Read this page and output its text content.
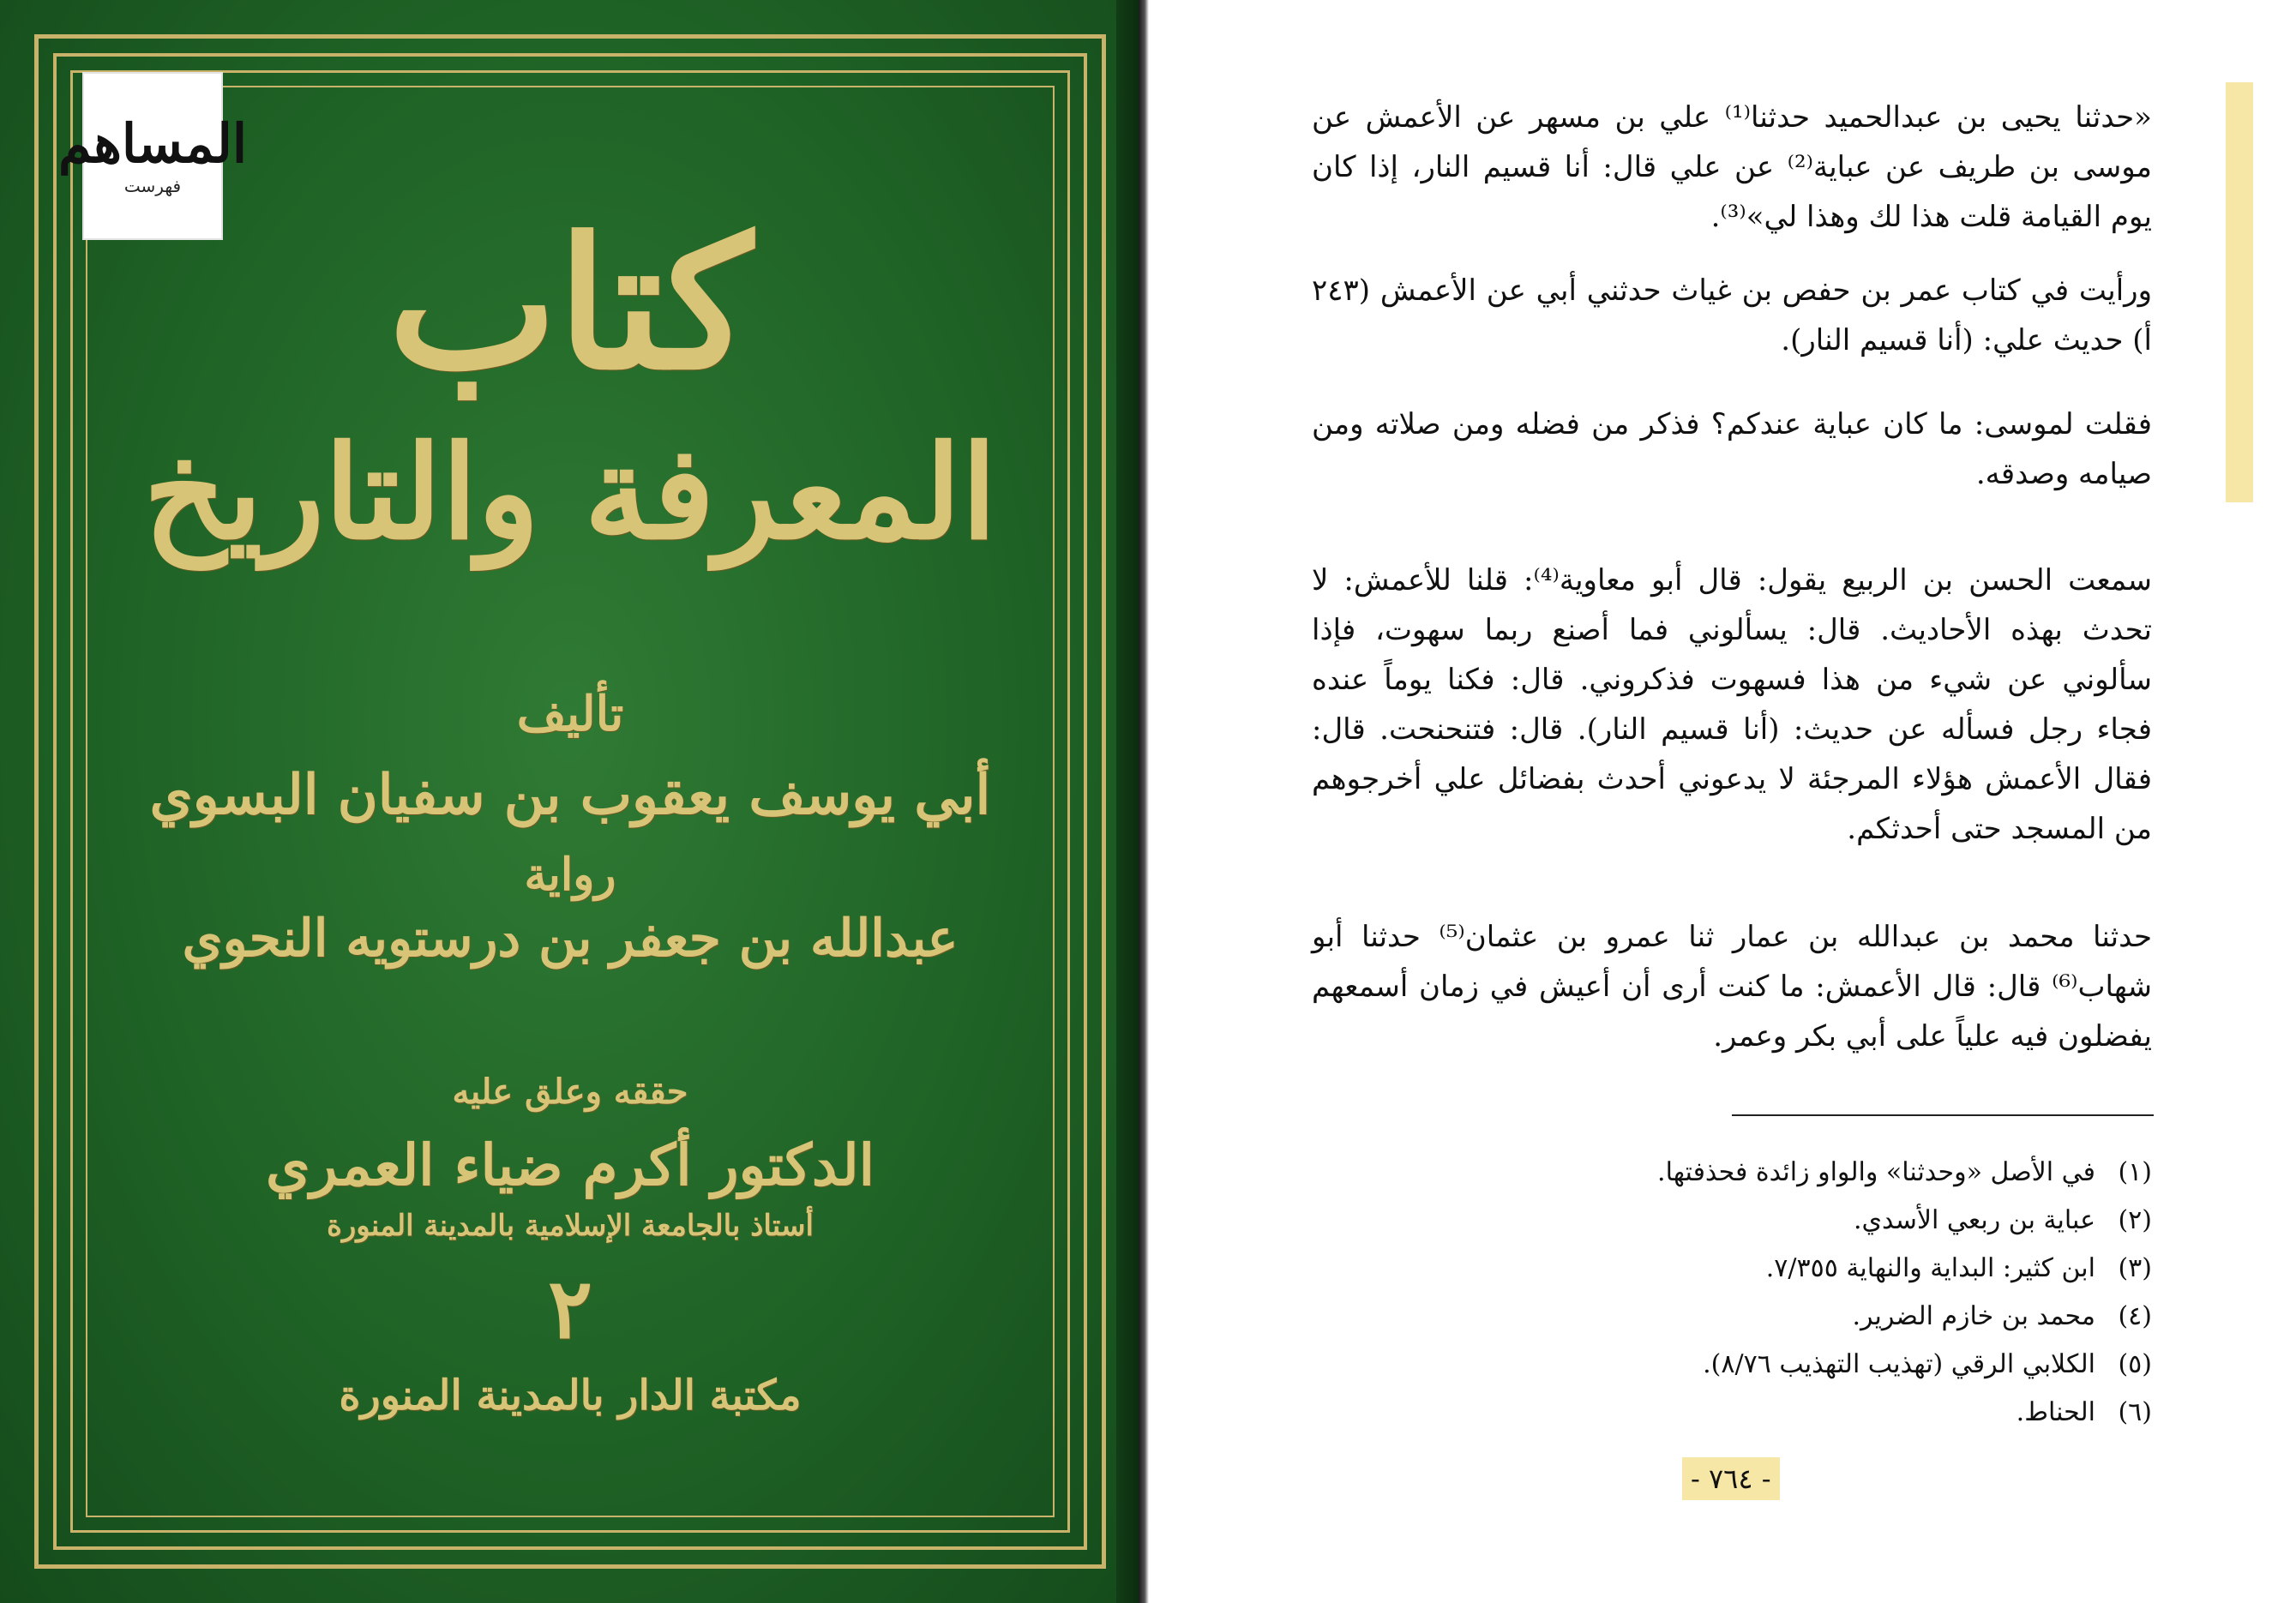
المساهم
فهرست
كتاب
المعرفة والتاريخ
تأليف
أبي يوسف يعقوب بن سفيان البسوي
رواية
عبدالله بن جعفر بن درستويه النحوي
حققه وعلق عليه
الدكتور أكرم ضياء العمري
أستاذ بالجامعة الإسلامية بالمدينة المنورة
٢
مكتبة الدار بالمدينة المنورة
«حدثنا يحيى بن عبدالحميد حدثنا⁽¹⁾ علي بن مسهر عن الأعمش عن موسى بن طريف عن عباية⁽²⁾ عن علي قال: أنا قسيم النار، إذا كان يوم القيامة قلت هذا لك وهذا لي»⁽³⁾.
ورأيت في كتاب عمر بن حفص بن غياث حدثني أبي عن الأعمش (٢٤٣ أ) حديث علي: (أنا قسيم النار).
فقلت لموسى: ما كان عباية عندكم؟ فذكر من فضله ومن صلاته ومن صيامه وصدقه.
سمعت الحسن بن الربيع يقول: قال أبو معاوية⁽⁴⁾: قلنا للأعمش: لا تحدث بهذه الأحاديث. قال: يسألوني فما أصنع ربما سهوت، فإذا سألوني عن شيء من هذا فسهوت فذكروني. قال: فكنا يوماً عنده فجاء رجل فسأله عن حديث: (أنا قسيم النار). قال: فتنحنحت. قال: فقال الأعمش هؤلاء المرجئة لا يدعوني أحدث بفضائل علي أخرجوهم من المسجد حتى أحدثكم.
حدثنا محمد بن عبدالله بن عمار ثنا عمرو بن عثمان⁽⁵⁾ حدثنا أبو شهاب⁽⁶⁾ قال: قال الأعمش: ما كنت أرى أن أعيش في زمان أسمعهم يفضلون فيه علياً على أبي بكر وعمر.
(١)في الأصل «وحدثنا» والواو زائدة فحذفتها.
(٢)عباية بن ربعي الأسدي.
(٣)ابن كثير: البداية والنهاية ٧/٣٥٥.
(٤)محمد بن خازم الضرير.
(٥)الكلابي الرقي (تهذيب التهذيب ٨/٧٦).
(٦)الحناط.
- ٧٦٤ -
